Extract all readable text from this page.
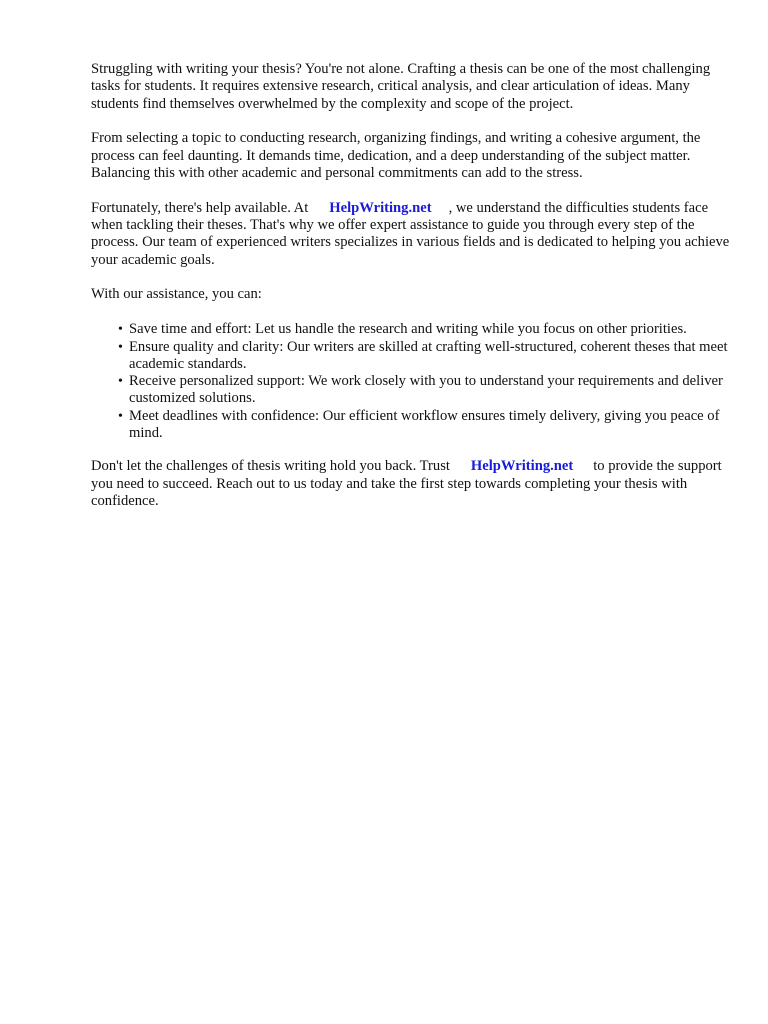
Struggling with writing your thesis? You're not alone. Crafting a thesis can be one of the most challenging tasks for students. It requires extensive research, critical analysis, and clear articulation of ideas. Many students find themselves overwhelmed by the complexity and scope of the project.

From selecting a topic to conducting research, organizing findings, and writing a cohesive argument, the process can feel daunting. It demands time, dedication, and a deep understanding of the subject matter. Balancing this with other academic and personal commitments can add to the stress.

Fortunately, there's help available. At HelpWriting.net , we understand the difficulties students face when tackling their theses. That's why we offer expert assistance to guide you through every step of the process. Our team of experienced writers specializes in various fields and is dedicated to helping you achieve your academic goals.

With our assistance, you can:

• Save time and effort: Let us handle the research and writing while you focus on other priorities.
• Ensure quality and clarity: Our writers are skilled at crafting well-structured, coherent theses that meet academic standards.
• Receive personalized support: We work closely with you to understand your requirements and deliver customized solutions.
• Meet deadlines with confidence: Our efficient workflow ensures timely delivery, giving you peace of mind.

Don't let the challenges of thesis writing hold you back. Trust HelpWriting.net to provide the support you need to succeed. Reach out to us today and take the first step towards completing your thesis with confidence.
